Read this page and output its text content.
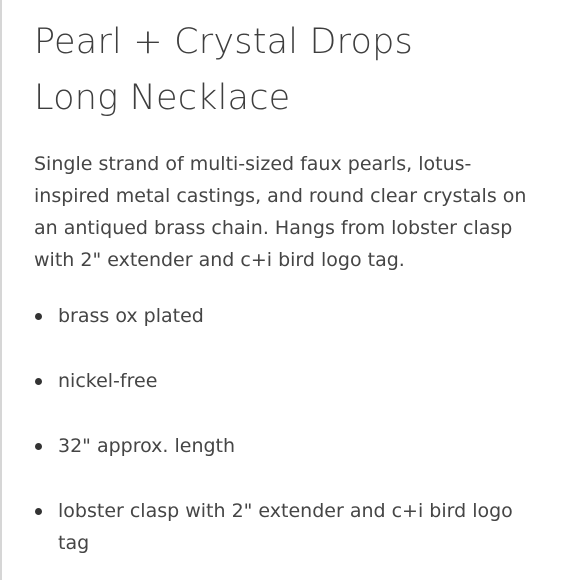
Pearl + Crystal Drops
Long Necklace

Single strand of multi-sized faux pearls, lotus-inspired metal castings, and round clear crystals on an antiqued brass chain. Hangs from lobster clasp with 2" extender and c+i bird logo tag.

brass ox plated
nickel-free
32" approx. length
lobster clasp with 2" extender and c+i bird logo tag
